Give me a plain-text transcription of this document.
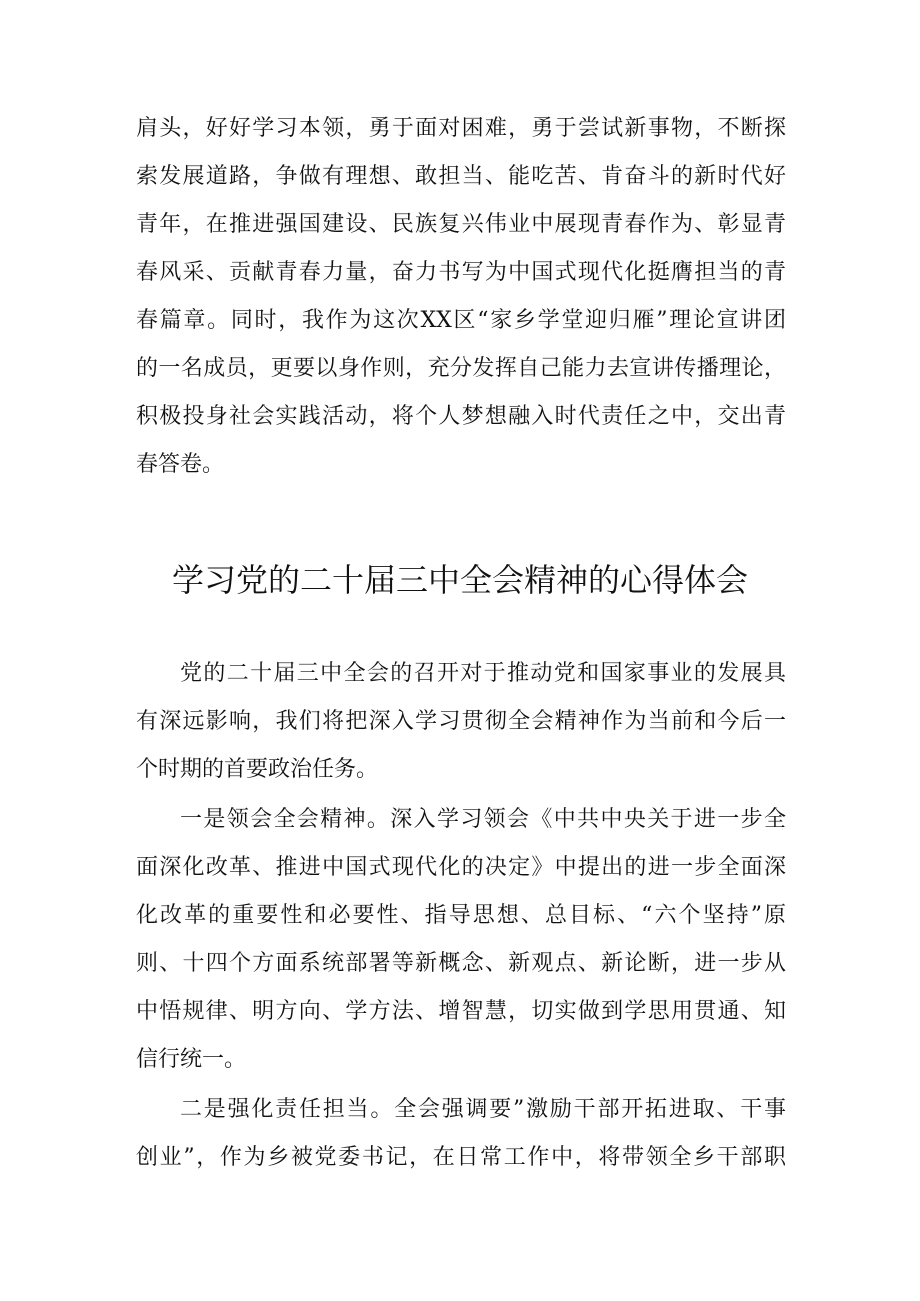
肩头，好好学习本领，勇于面对困难，勇于尝试新事物，不断探
索发展道路，争做有理想、敢担当、能吃苦、肯奋斗的新时代好
青年，在推进强国建设、民族复兴伟业中展现青春作为、彰显青
春风采、贡献青春力量，奋力书写为中国式现代化挺膺担当的青
春篇章。同时，我作为这次XX区“家乡学堂迎归雁”理论宣讲团
的一名成员，更要以身作则，充分发挥自己能力去宣讲传播理论，
积极投身社会实践活动，将个人梦想融入时代责任之中，交出青
春答卷。
学习党的二十届三中全会精神的心得体会
党的二十届三中全会的召开对于推动党和国家事业的发展具
有深远影响，我们将把深入学习贯彻全会精神作为当前和今后一
个时期的首要政治任务。
一是领会全会精神。深入学习领会《中共中央关于进一步全
面深化改革、推进中国式现代化的决定》中提出的进一步全面深
化改革的重要性和必要性、指导思想、总目标、“六个坚持”原
则、十四个方面系统部署等新概念、新观点、新论断，进一步从
中悟规律、明方向、学方法、增智慧，切实做到学思用贯通、知
信行统一。
二是强化责任担当。全会强调要”激励干部开拓进取、干事
创业”，作为乡被党委书记，在日常工作中，将带领全乡干部职
